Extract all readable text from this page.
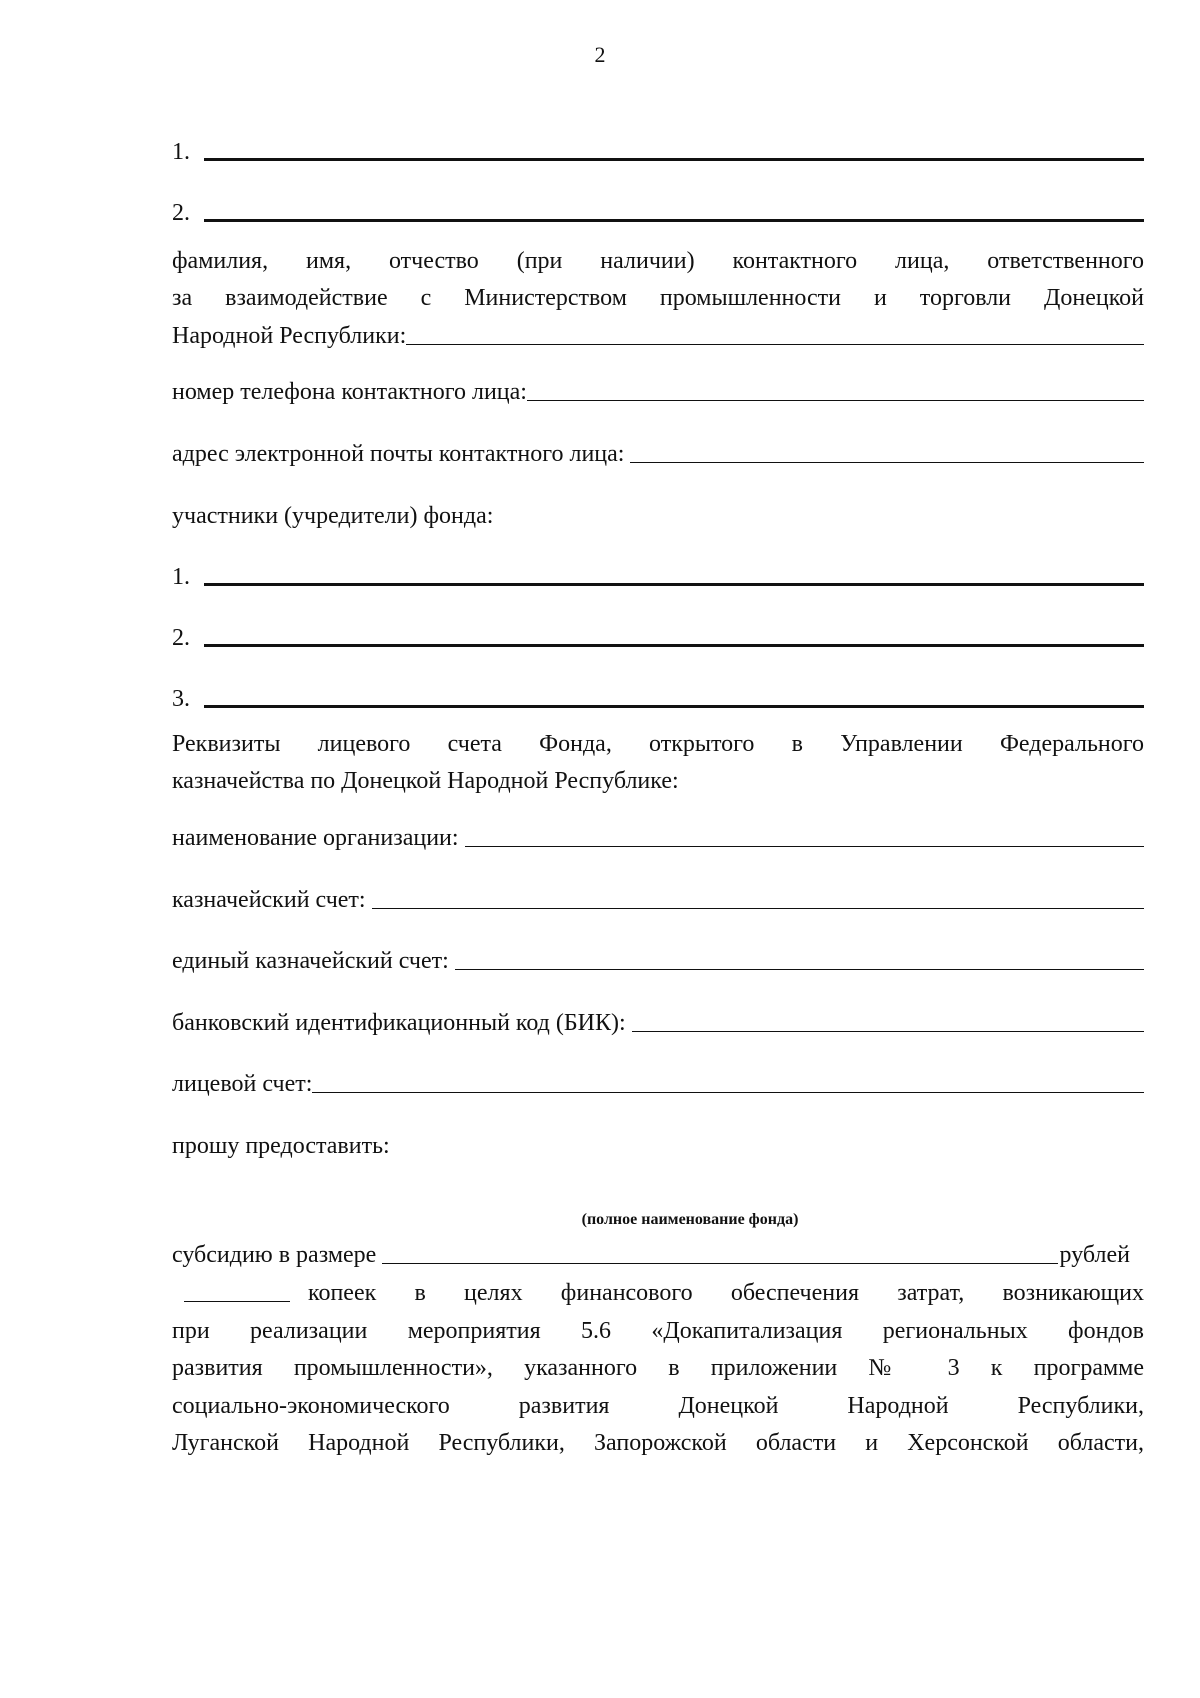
2
1.
2.
фамилия, имя, отчество (при наличии) контактного лица, ответственного
за взаимодействие с Министерством промышленности и торговли Донецкой
Народной Республики:
номер телефона контактного лица:
адрес электронной почты контактного лица:
участники (учредители) фонда:
1.
2.
3.
Реквизиты лицевого счета Фонда, открытого в Управлении Федерального
казначейства по Донецкой Народной Республике:
наименование организации:
казначейский счет:
единый казначейский счет:
банковский идентификационный код (БИК):
лицевой счет:
прошу предоставить:
(полное наименование фонда)
субсидию в размере	рублей
копеек в целях финансового обеспечения затрат, возникающих
при реализации мероприятия 5.6 «Докапитализация региональных фондов
развития промышленности», указанного в приложении № 3 к программе
социально-экономического развития Донецкой Народной Республики,
Луганской Народной Республики, Запорожской области и Херсонской области,
